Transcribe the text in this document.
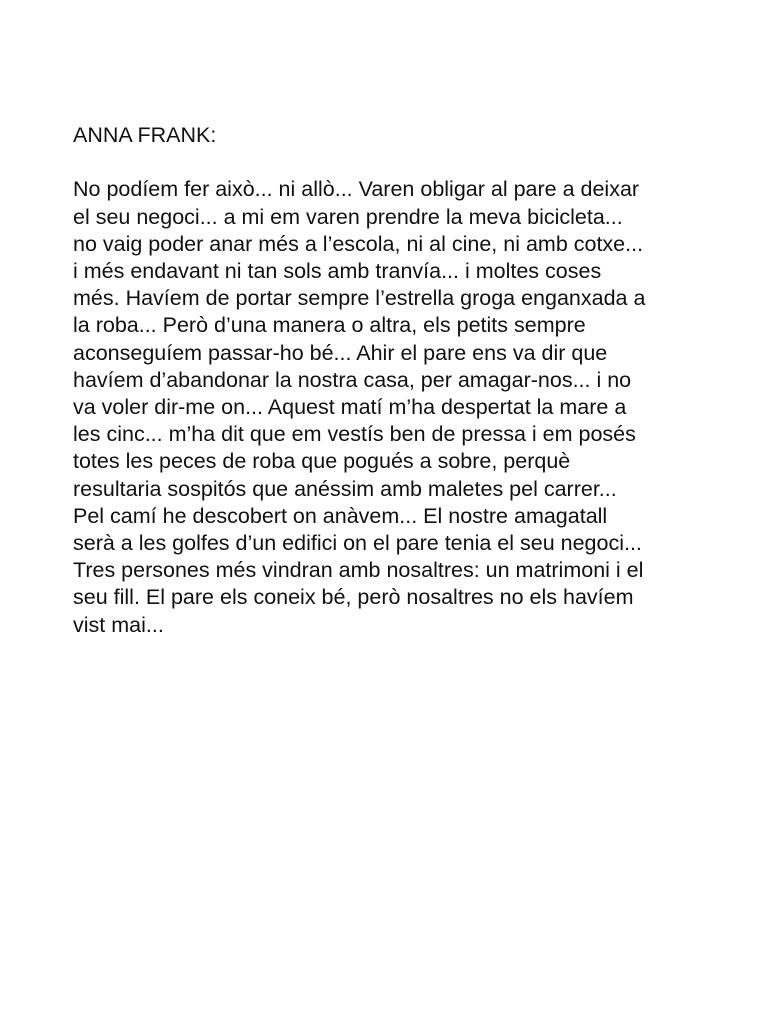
ANNA FRANK:
No podíem fer això... ni allò... Varen obligar al pare a deixar
el seu negoci... a mi em varen prendre la meva bicicleta...
no vaig poder anar més a l’escola, ni al cine, ni amb cotxe...
i més endavant ni tan sols amb tranvía... i moltes coses
més. Havíem de portar sempre l’estrella groga enganxada a
la roba... Però d’una manera o altra, els petits sempre
aconseguíem passar-ho bé... Ahir el pare ens va dir que
havíem d’abandonar la nostra casa, per amagar-nos... i no
va voler dir-me on... Aquest matí m’ha despertat la mare a
les cinc... m’ha dit que em vestís ben de pressa i em posés
totes les peces de roba que pogués a sobre, perquè
resultaria sospitós que anéssim amb maletes pel carrer...
Pel camí he descobert on anàvem... El nostre amagatall
serà a les golfes d’un edifici on el pare tenia el seu negoci...
Tres persones més vindran amb nosaltres: un matrimoni i el
seu fill. El pare els coneix bé, però nosaltres no els havíem
vist mai...
